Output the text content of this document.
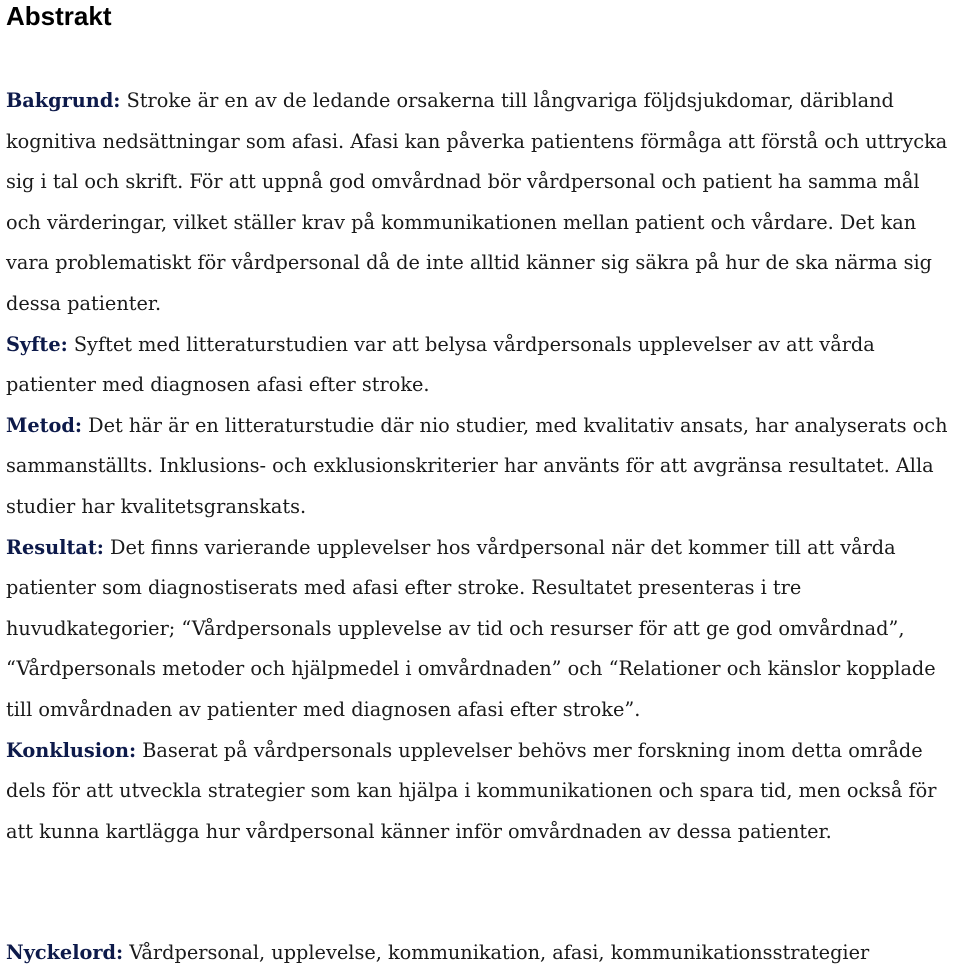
Abstrakt

Bakgrund: Stroke är en av de ledande orsakerna till långvariga följdsjukdomar, däribland kognitiva nedsättningar som afasi. Afasi kan påverka patientens förmåga att förstå och uttrycka sig i tal och skrift. För att uppnå god omvårdnad bör vårdpersonal och patient ha samma mål och värderingar, vilket ställer krav på kommunikationen mellan patient och vårdare. Det kan vara problematiskt för vårdpersonal då de inte alltid känner sig säkra på hur de ska närma sig dessa patienter.

Syfte: Syftet med litteraturstudien var att belysa vårdpersonals upplevelser av att vårda patienter med diagnosen afasi efter stroke.

Metod: Det här är en litteraturstudie där nio studier, med kvalitativ ansats, har analyserats och sammanställts. Inklusions- och exklusionskriterier har använts för att avgränsa resultatet. Alla studier har kvalitetsgranskats.

Resultat: Det finns varierande upplevelser hos vårdpersonal när det kommer till att vårda patienter som diagnostiserats med afasi efter stroke. Resultatet presenteras i tre huvudkategorier; “Vårdpersonals upplevelse av tid och resurser för att ge god omvårdnad”, “Vårdpersonals metoder och hjälpmedel i omvårdnaden” och “Relationer och känslor kopplade till omvårdnaden av patienter med diagnosen afasi efter stroke”.

Konklusion: Baserat på vårdpersonals upplevelser behövs mer forskning inom detta område dels för att utveckla strategier som kan hjälpa i kommunikationen och spara tid, men också för att kunna kartlägga hur vårdpersonal känner inför omvårdnaden av dessa patienter.

Nyckelord: Vårdpersonal, upplevelse, kommunikation, afasi, kommunikationsstrategier
